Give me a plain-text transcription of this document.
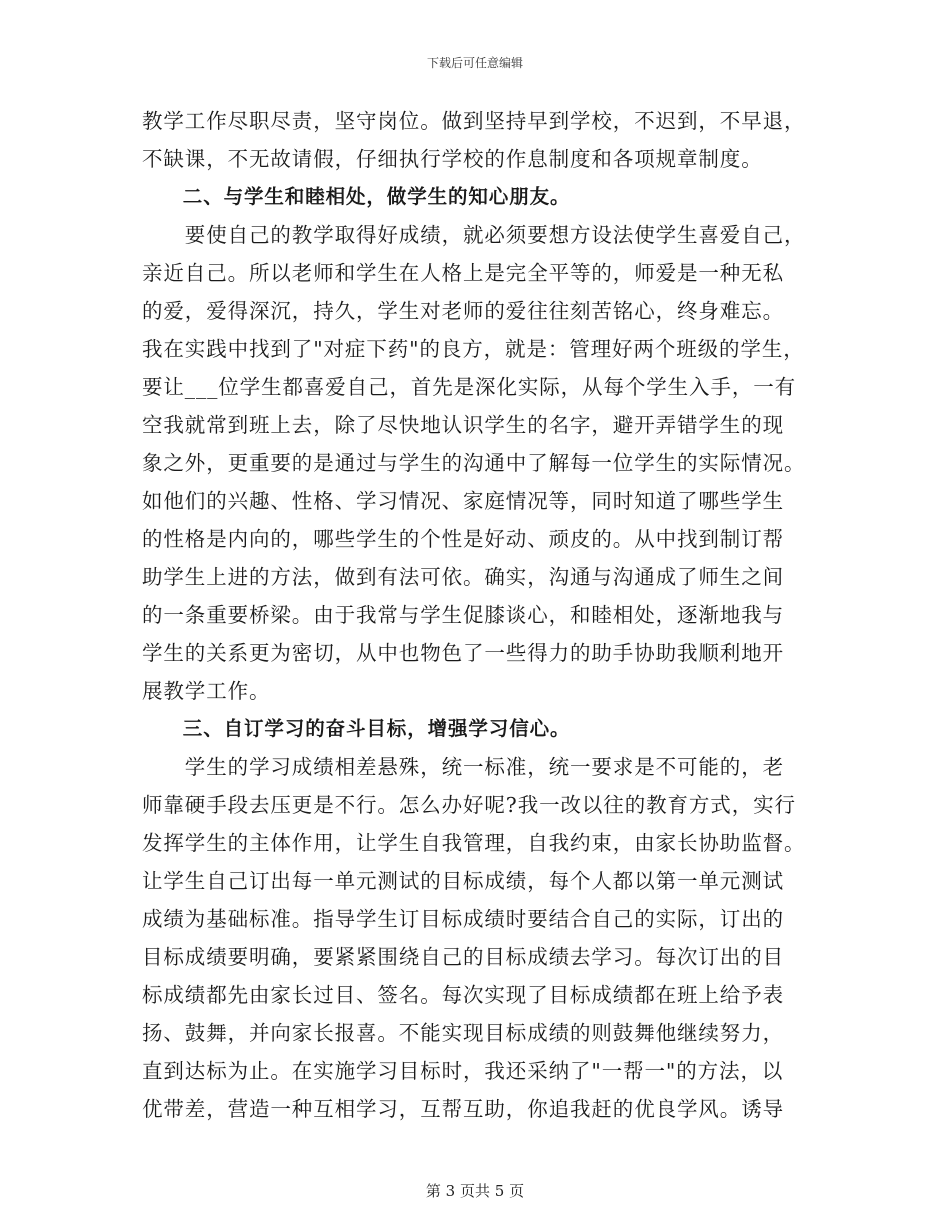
下载后可任意编辑
教学工作尽职尽责，坚守岗位。做到坚持早到学校，不迟到，不早退，
不缺课，不无故请假，仔细执行学校的作息制度和各项规章制度。
　　二、与学生和睦相处，做学生的知心朋友。
　　要使自己的教学取得好成绩，就必须要想方设法使学生喜爱自己，
亲近自己。所以老师和学生在人格上是完全平等的，师爱是一种无私
的爱，爱得深沉，持久，学生对老师的爱往往刻苦铭心，终身难忘。
我在实践中找到了"对症下药"的良方，就是：管理好两个班级的学生，
要让___位学生都喜爱自己，首先是深化实际，从每个学生入手，一有
空我就常到班上去，除了尽快地认识学生的名字，避开弄错学生的现
象之外，更重要的是通过与学生的沟通中了解每一位学生的实际情况。
如他们的兴趣、性格、学习情况、家庭情况等，同时知道了哪些学生
的性格是内向的，哪些学生的个性是好动、顽皮的。从中找到制订帮
助学生上进的方法，做到有法可依。确实，沟通与沟通成了师生之间
的一条重要桥梁。由于我常与学生促膝谈心，和睦相处，逐渐地我与
学生的关系更为密切，从中也物色了一些得力的助手协助我顺利地开
展教学工作。
　　三、自订学习的奋斗目标，增强学习信心。
　　学生的学习成绩相差悬殊，统一标准，统一要求是不可能的，老
师靠硬手段去压更是不行。怎么办好呢?我一改以往的教育方式，实行
发挥学生的主体作用，让学生自我管理，自我约束，由家长协助监督。
让学生自己订出每一单元测试的目标成绩，每个人都以第一单元测试
成绩为基础标准。指导学生订目标成绩时要结合自己的实际，订出的
目标成绩要明确，要紧紧围绕自己的目标成绩去学习。每次订出的目
标成绩都先由家长过目、签名。每次实现了目标成绩都在班上给予表
扬、鼓舞，并向家长报喜。不能实现目标成绩的则鼓舞他继续努力，
直到达标为止。在实施学习目标时，我还采纳了"一帮一"的方法，以
优带差，营造一种互相学习，互帮互助，你追我赶的优良学风。诱导
第 3 页共 5 页
